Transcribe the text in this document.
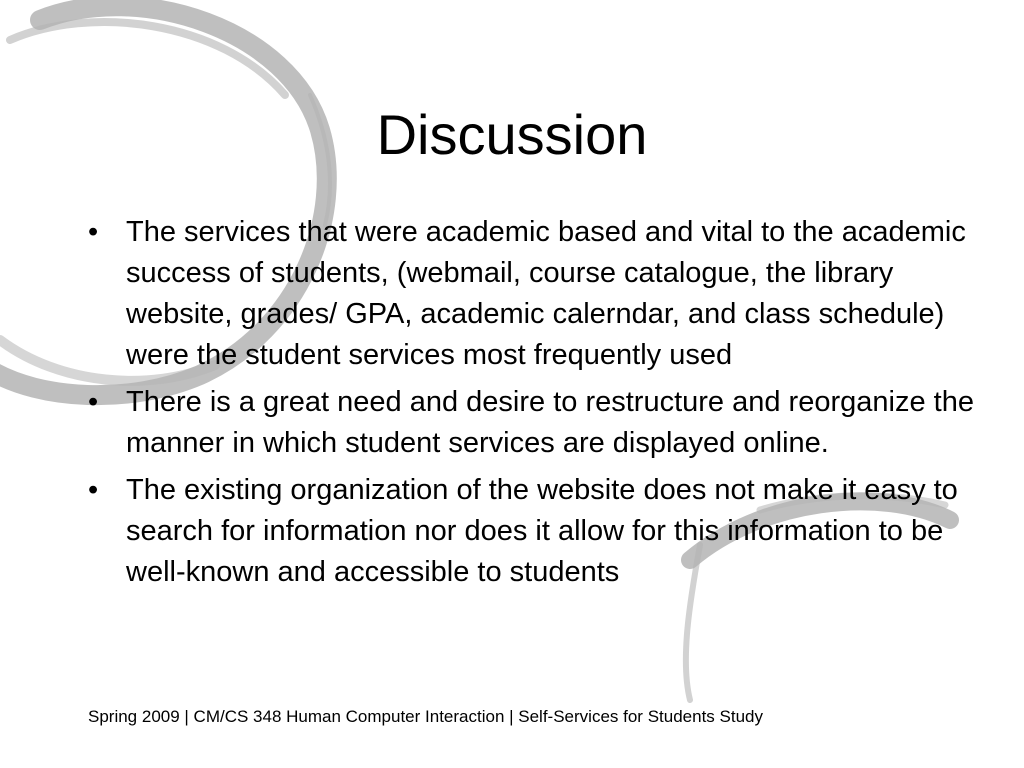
Discussion
• The services that were academic based and vital to the academic success of students, (webmail, course catalogue, the library website, grades/ GPA, academic calerndar, and class schedule) were the student services most frequently used
• There is a great need and desire to restructure and reorganize the manner in which student services are displayed online.
• The existing organization of the website does not make it easy to search for information nor does it allow for this information to be well-known and accessible to students
Spring 2009 | CM/CS 348 Human Computer Interaction | Self-Services for Students Study
